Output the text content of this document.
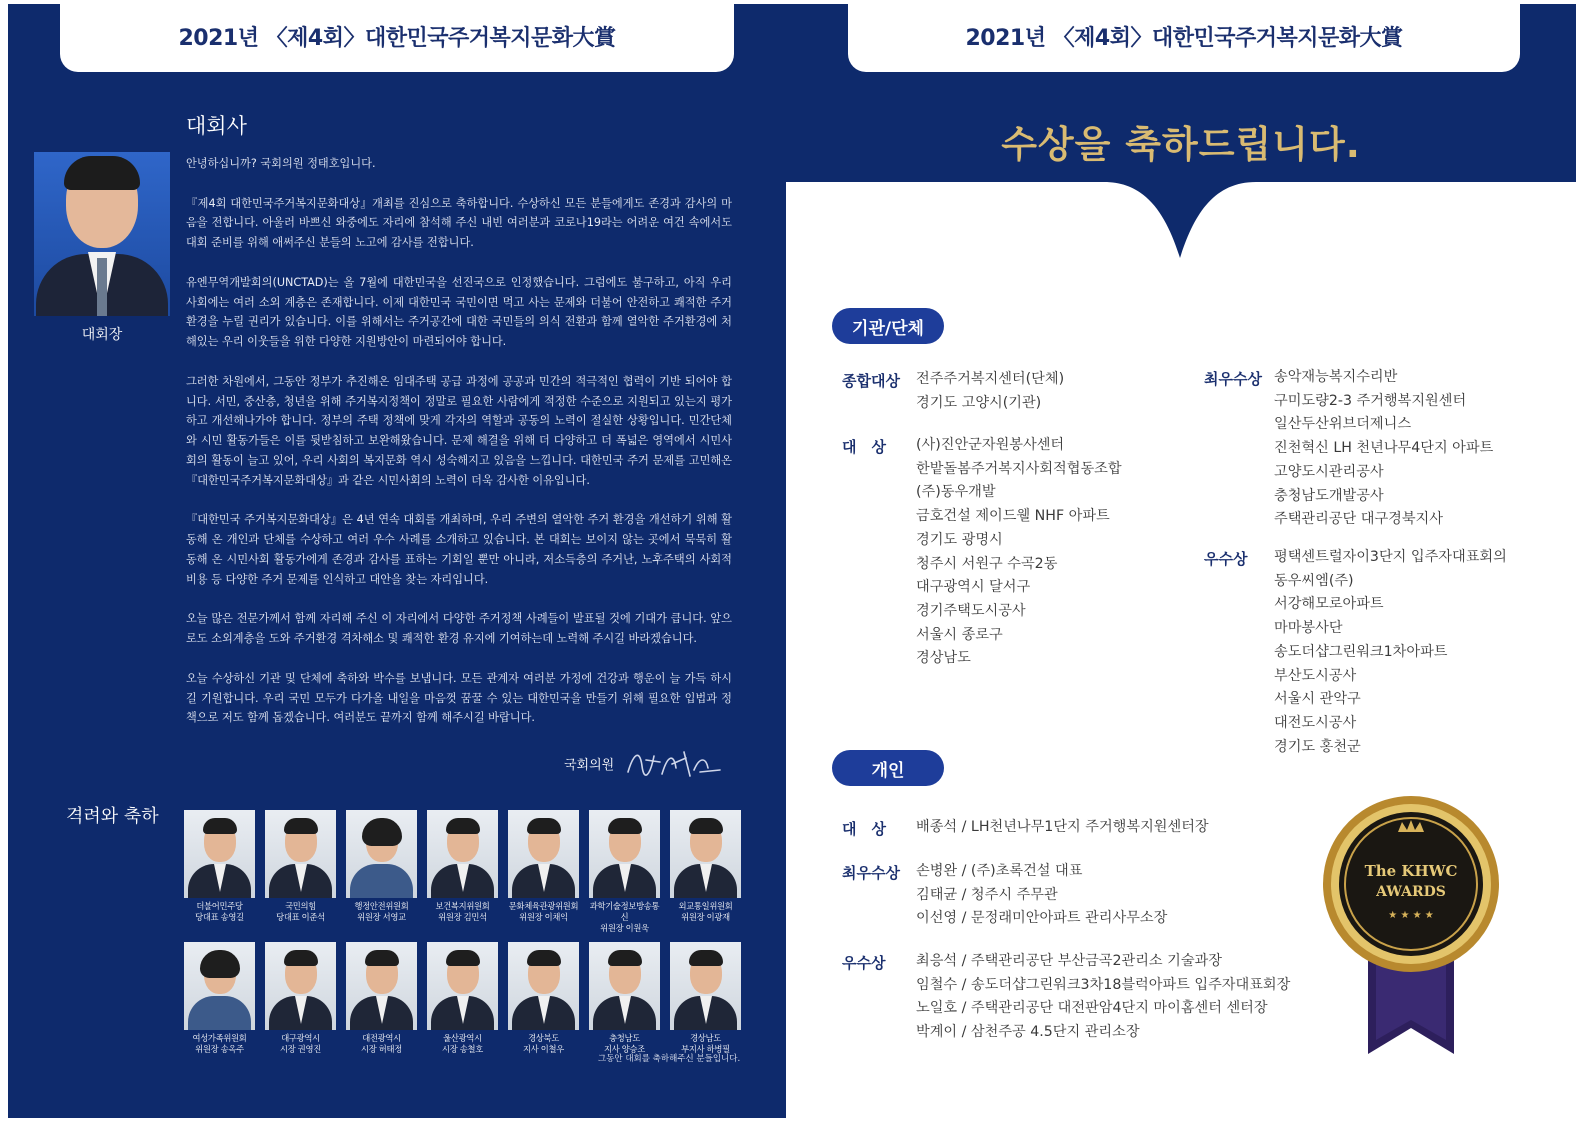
2021년 〈제4회〉대한민국주거복지문화大賞
대회장
대회사

안녕하십니까? 국회의원 정태호입니다.

『제4회 대한민국주거복지문화대상』개최를 진심으로 축하합니다. 수상하신 모든 분들에게도 존경과 감사의 마음을 전합니다. 아울러 바쁘신 와중에도 자리에 참석해 주신 내빈 여러분과 코로나19라는 어려운 여건 속에서도 대회 준비를 위해 애써주신 분들의 노고에 감사를 전합니다.

유엔무역개발회의(UNCTAD)는 올 7월에 대한민국을 선진국으로 인정했습니다. 그럼에도 불구하고, 아직 우리 사회에는 여러 소외 계층은 존재합니다. 이제 대한민국 국민이면 먹고 사는 문제와 더불어 안전하고 쾌적한 주거환경을 누릴 권리가 있습니다. 이를 위해서는 주거공간에 대한 국민들의 의식 전환과 함께 열악한 주거환경에 처해있는 우리 이웃들을 위한 다양한 지원방안이 마련되어야 합니다.

그러한 차원에서, 그동안 정부가 추진해온 임대주택 공급 과정에 공공과 민간의 적극적인 협력이 기반 되어야 합니다. 서민, 중산층, 청년을 위해 주거복지정책이 정말로 필요한 사람에게 적정한 수준으로 지원되고 있는지 평가하고 개선해나가야 합니다. 정부의 주택 정책에 맞게 각자의 역할과 공동의 노력이 절실한 상황입니다. 민간단체와 시민 활동가들은 이를 뒷받침하고 보완해왔습니다. 문제 해결을 위해 더 다양하고 더 폭넓은 영역에서 시민사회의 활동이 늘고 있어, 우리 사회의 복지문화 역시 성숙해지고 있음을 느낍니다. 대한민국 주거 문제를 고민해온 『대한민국주거복지문화대상』과 같은 시민사회의 노력이 더욱 감사한 이유입니다.

『대한민국 주거복지문화대상』은 4년 연속 대회를 개최하며, 우리 주변의 열악한 주거 환경을 개선하기 위해 활동해 온 개인과 단체를 수상하고 여러 우수 사례를 소개하고 있습니다. 본 대회는 보이지 않는 곳에서 묵묵히 활동해 온 시민사회 활동가에게 존경과 감사를 표하는 기회일 뿐만 아니라, 저소득층의 주거난, 노후주택의 사회적 비용 등 다양한 주거 문제를 인식하고 대안을 찾는 자리입니다.

오늘 많은 전문가께서 함께 자리해 주신 이 자리에서 다양한 주거정책 사례들이 발표될 것에 기대가 큽니다. 앞으로도 소외계층을 도와 주거환경 격차해소 및 쾌적한 환경 유지에 기여하는데 노력해 주시길 바라겠습니다.

오늘 수상하신 기관 및 단체에 축하와 박수를 보냅니다. 모든 관계자 여러분 가정에 건강과 행운이 늘 가득 하시길 기원합니다. 우리 국민 모두가 다가올 내일을 마음껏 꿈꿀 수 있는 대한민국을 만들기 위해 필요한 입법과 정책으로 저도 함께 돕겠습니다. 여러분도 끝까지 함께 해주시길 바랍니다.

국회의원
격려와 축하
더불어민주당
당대표 송영길
국민의힘
당대표 이준석
행정안전위원회
위원장 서영교
보건복지위원회
위원장 김민석
문화체육관광위원회
위원장 이채익
과학기술정보방송통신
위원장 이원욱
외교통일위원회
위원장 이광재
여성가족위원회
위원장 송옥주
대구광역시
시장 권영진
대전광역시
시장 허태정
울산광역시
시장 송철호
경상북도
지사 이철우
충청남도
지사 양승조
경상남도
부지사 하병필
그동안 대회를 축하해주신 분들입니다.
2021년 〈제4회〉대한민국주거복지문화大賞
수상을 축하드립니다.
기관/단체
종합대상 전주주거복지센터(단체)
경기도 고양시(기관)
대　상 (사)진안군자원봉사센터
한밭돌봄주거복지사회적협동조합
(주)동우개발
금호건설 제이드웰 NHF 아파트
경기도 광명시
청주시 서원구 수곡2동
대구광역시 달서구
경기주택도시공사
서울시 종로구
경상남도
최우수상 송악재능복지수리반
구미도량2-3 주거행복지원센터
일산두산위브더제니스
진천혁신 LH 천년나무4단지 아파트
고양도시관리공사
충청남도개발공사
주택관리공단 대구경북지사
우수상 평택센트럴자이3단지 입주자대표회의
동우씨엠(주)
서강해모로아파트
마마봉사단
송도더샵그린워크1차아파트
부산도시공사
서울시 관악구
대전도시공사
경기도 홍천군
개인
대　상 배종석 / LH천년나무1단지 주거행복지원센터장
최우수상 손병완 / (주)초록건설 대표
김태균 / 청주시 주무관
이선영 / 문정래미안아파트 관리사무소장
우수상 최응석 / 주택관리공단 부산금곡2관리소 기술과장
임철수 / 송도더샵그린워크3차18블럭아파트 입주자대표회장
노일호 / 주택관리공단 대전판암4단지 마이홈센터 센터장
박계이 / 삼천주공 4.5단지 관리소장
The KHWC
AWARDS
★ ★ ★ ★
